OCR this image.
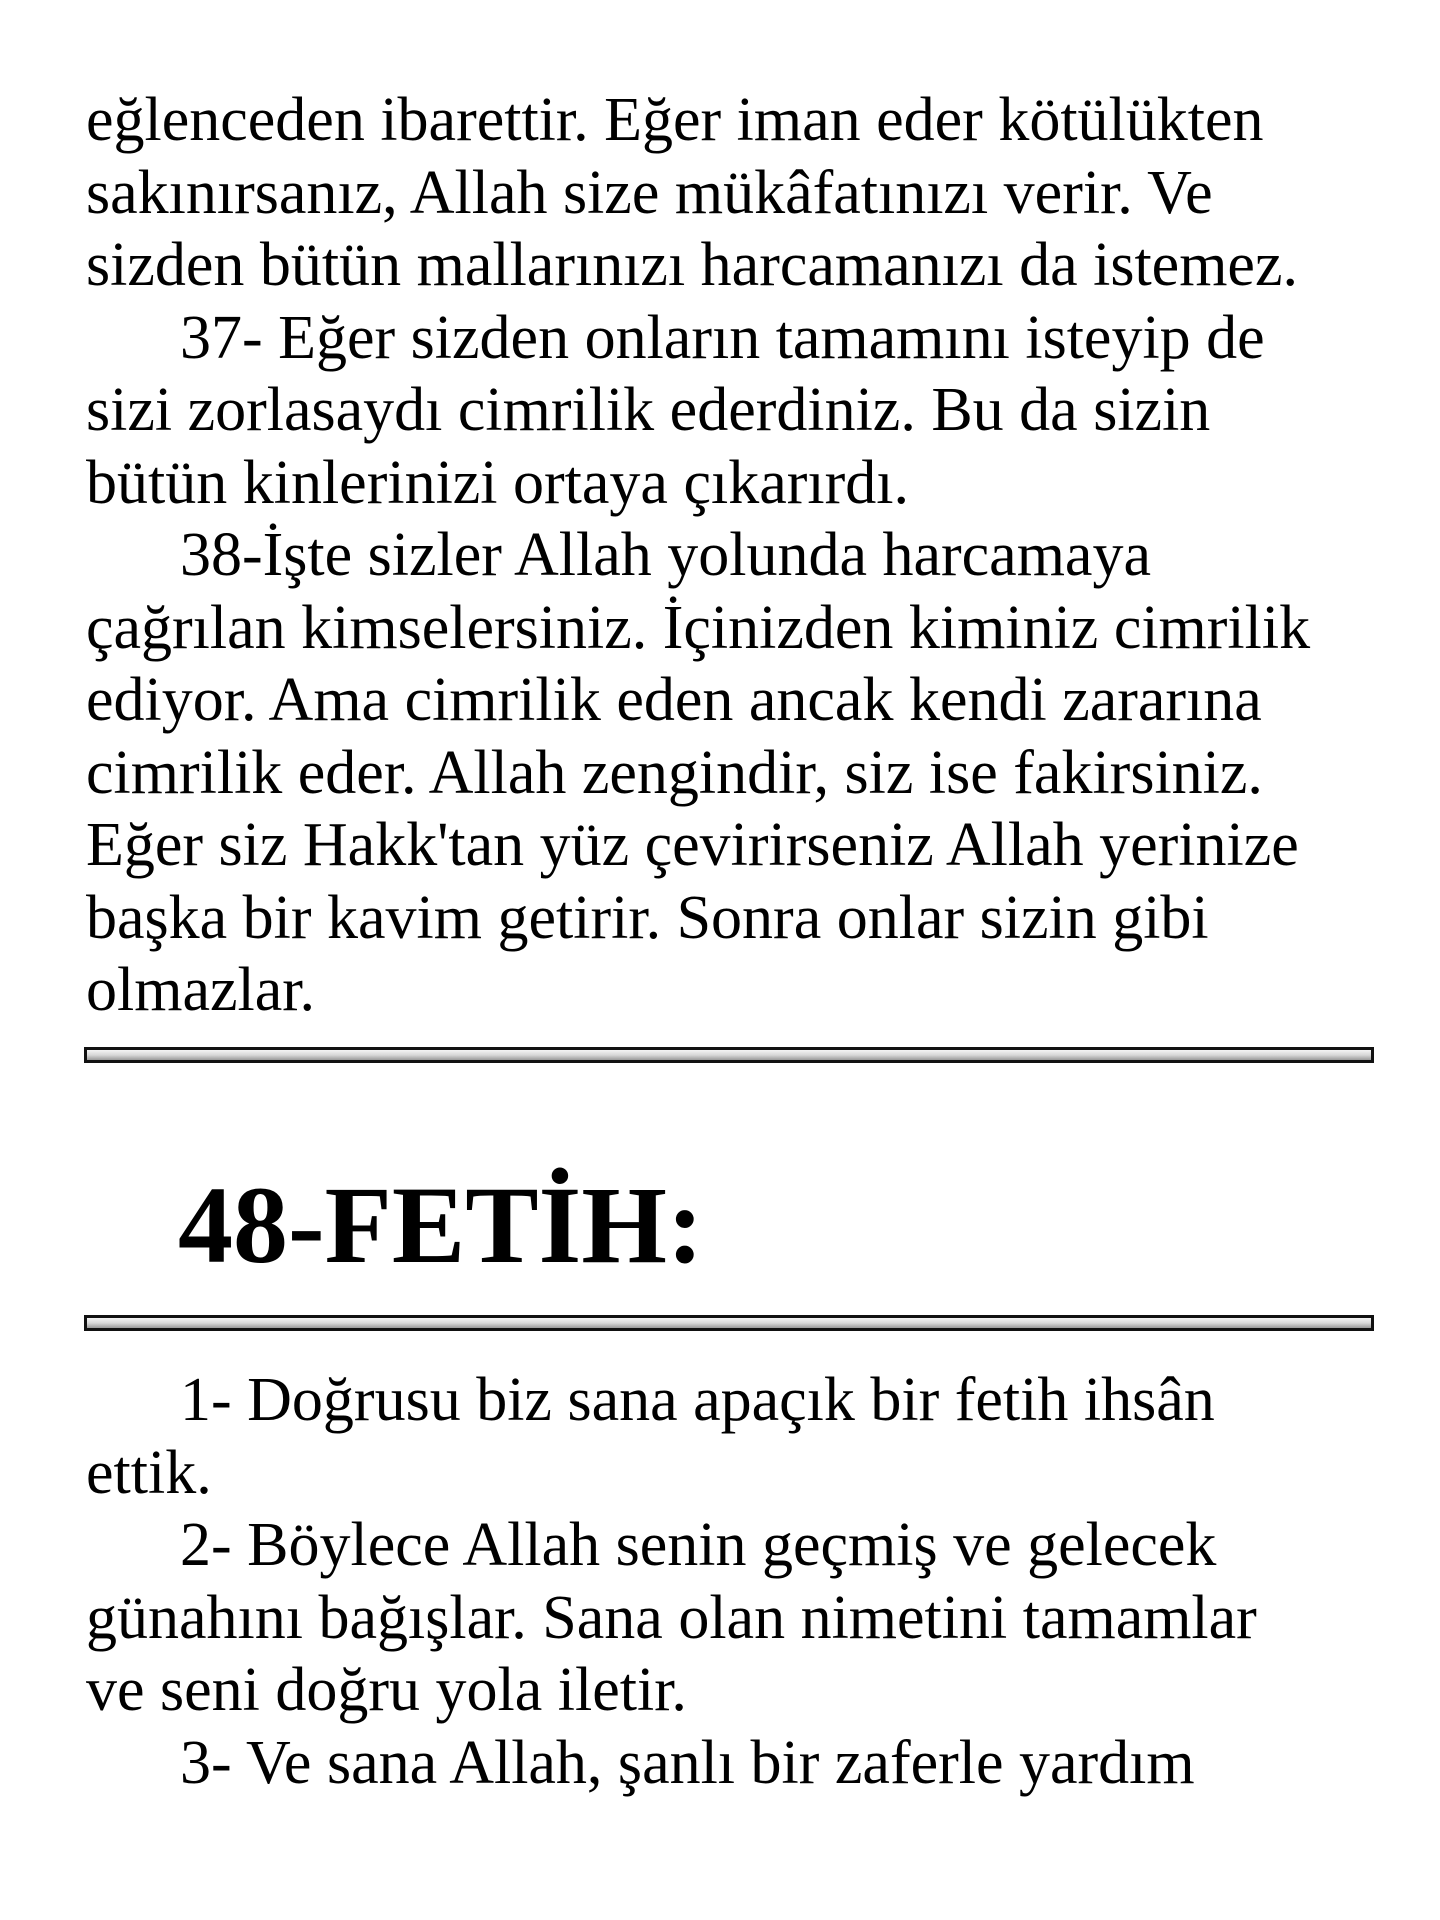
eğlenceden ibarettir. Eğer iman eder kötülükten
sakınırsanız, Allah size mükâfatınızı verir. Ve
sizden bütün mallarınızı harcamanızı da istemez.
37- Eğer sizden onların tamamını isteyip de
sizi zorlasaydı cimrilik ederdiniz. Bu da sizin
bütün kinlerinizi ortaya çıkarırdı.
38-İşte sizler Allah yolunda harcamaya
çağrılan kimselersiniz. İçinizden kiminiz cimrilik
ediyor. Ama cimrilik eden ancak kendi zararına
cimrilik eder. Allah zengindir, siz ise fakirsiniz.
Eğer siz Hakk'tan yüz çevirirseniz Allah yerinize
başka bir kavim getirir. Sonra onlar sizin gibi
olmazlar.
48-FETİH:
1- Doğrusu biz sana apaçık bir fetih ihsân
ettik.
2- Böylece Allah senin geçmiş ve gelecek
günahını bağışlar. Sana olan nimetini tamamlar
ve seni doğru yola iletir.
3- Ve sana Allah, şanlı bir zaferle yardım
